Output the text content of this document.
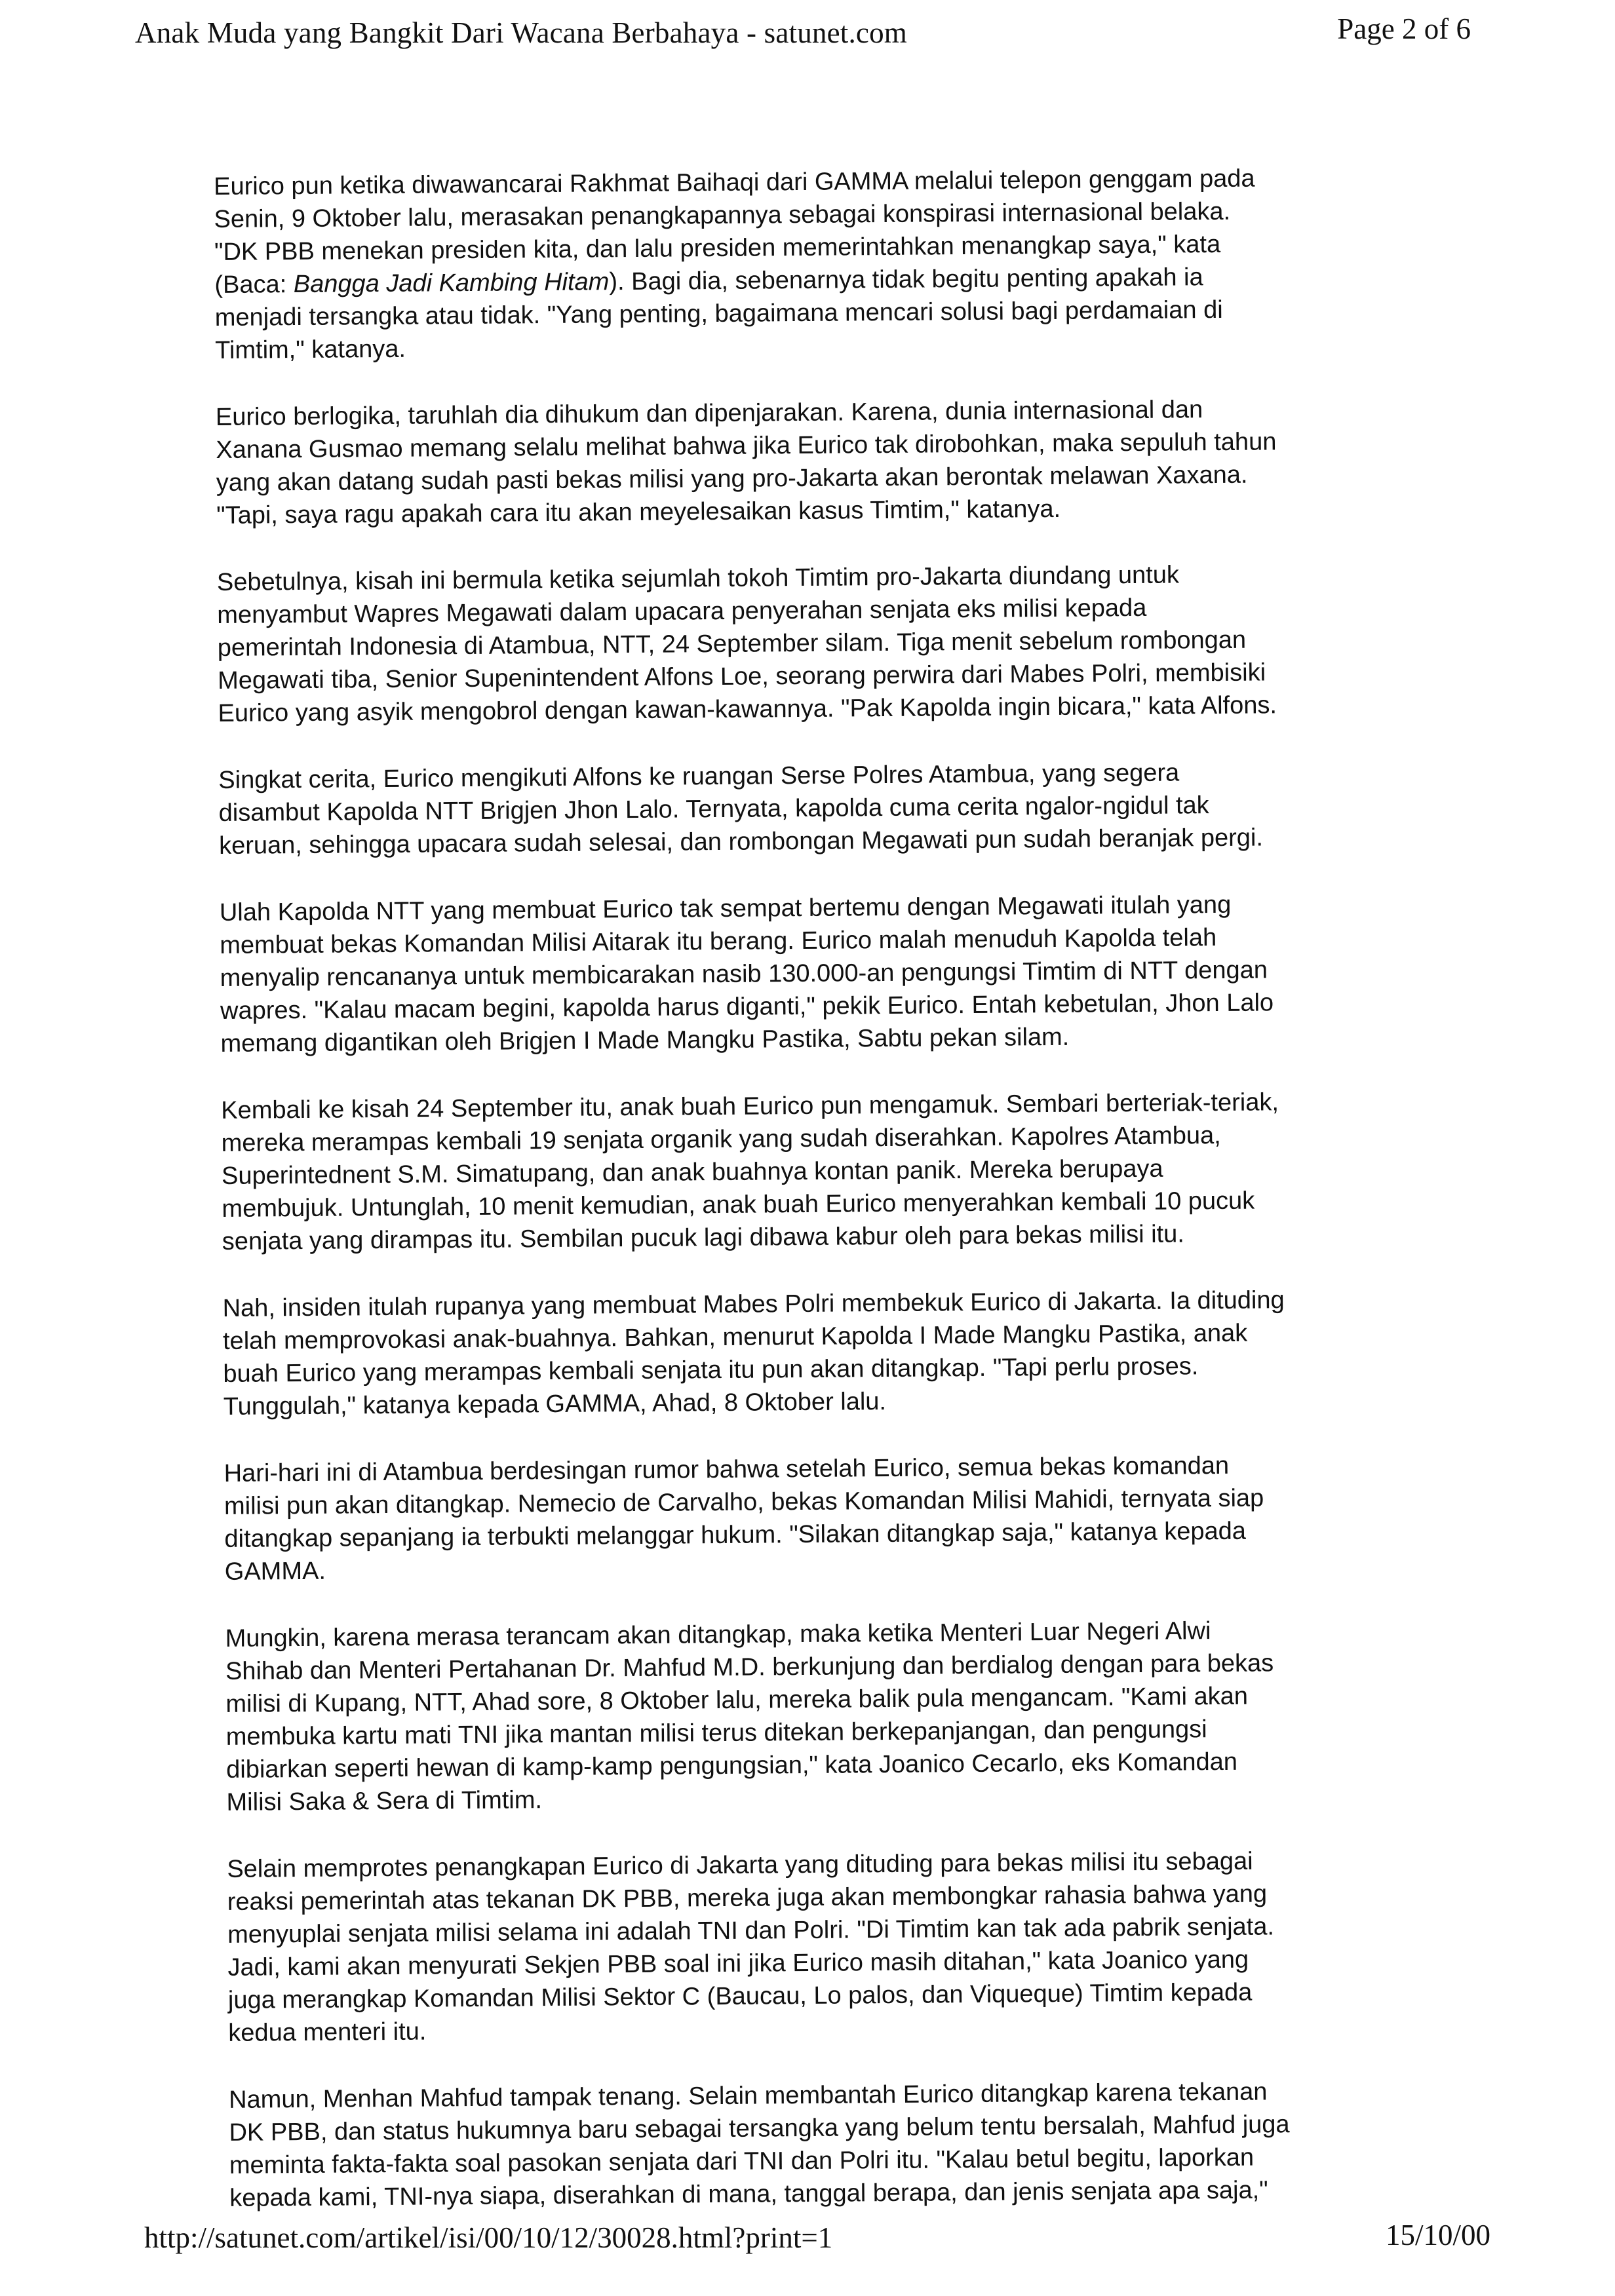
Anak Muda yang Bangkit Dari Wacana Berbahaya - satunet.com	Page 2 of 6

Eurico pun ketika diwawancarai Rakhmat Baihaqi dari GAMMA melalui telepon genggam pada
Senin, 9 Oktober lalu, merasakan penangkapannya sebagai konspirasi internasional belaka.
"DK PBB menekan presiden kita, dan lalu presiden memerintahkan menangkap saya," kata
(Baca: Bangga Jadi Kambing Hitam). Bagi dia, sebenarnya tidak begitu penting apakah ia
menjadi tersangka atau tidak. "Yang penting, bagaimana mencari solusi bagi perdamaian di
Timtim," katanya.

Eurico berlogika, taruhlah dia dihukum dan dipenjarakan. Karena, dunia internasional dan
Xanana Gusmao memang selalu melihat bahwa jika Eurico tak dirobohkan, maka sepuluh tahun
yang akan datang sudah pasti bekas milisi yang pro-Jakarta akan berontak melawan Xaxana.
"Tapi, saya ragu apakah cara itu akan meyelesaikan kasus Timtim," katanya.

Sebetulnya, kisah ini bermula ketika sejumlah tokoh Timtim pro-Jakarta diundang untuk
menyambut Wapres Megawati dalam upacara penyerahan senjata eks milisi kepada
pemerintah Indonesia di Atambua, NTT, 24 September silam. Tiga menit sebelum rombongan
Megawati tiba, Senior Supenintendent Alfons Loe, seorang perwira dari Mabes Polri, membisiki
Eurico yang asyik mengobrol dengan kawan-kawannya. "Pak Kapolda ingin bicara," kata Alfons.

Singkat cerita, Eurico mengikuti Alfons ke ruangan Serse Polres Atambua, yang segera
disambut Kapolda NTT Brigjen Jhon Lalo. Ternyata, kapolda cuma cerita ngalor-ngidul tak
keruan, sehingga upacara sudah selesai, dan rombongan Megawati pun sudah beranjak pergi.

Ulah Kapolda NTT yang membuat Eurico tak sempat bertemu dengan Megawati itulah yang
membuat bekas Komandan Milisi Aitarak itu berang. Eurico malah menuduh Kapolda telah
menyalip rencananya untuk membicarakan nasib 130.000-an pengungsi Timtim di NTT dengan
wapres. "Kalau macam begini, kapolda harus diganti," pekik Eurico. Entah kebetulan, Jhon Lalo
memang digantikan oleh Brigjen I Made Mangku Pastika, Sabtu pekan silam.

Kembali ke kisah 24 September itu, anak buah Eurico pun mengamuk. Sembari berteriak-teriak,
mereka merampas kembali 19 senjata organik yang sudah diserahkan. Kapolres Atambua,
Superintednent S.M. Simatupang, dan anak buahnya kontan panik. Mereka berupaya
membujuk. Untunglah, 10 menit kemudian, anak buah Eurico menyerahkan kembali 10 pucuk
senjata yang dirampas itu. Sembilan pucuk lagi dibawa kabur oleh para bekas milisi itu.

Nah, insiden itulah rupanya yang membuat Mabes Polri membekuk Eurico di Jakarta. Ia dituding
telah memprovokasi anak-buahnya. Bahkan, menurut Kapolda I Made Mangku Pastika, anak
buah Eurico yang merampas kembali senjata itu pun akan ditangkap. "Tapi perlu proses.
Tunggulah," katanya kepada GAMMA, Ahad, 8 Oktober lalu.

Hari-hari ini di Atambua berdesingan rumor bahwa setelah Eurico, semua bekas komandan
milisi pun akan ditangkap. Nemecio de Carvalho, bekas Komandan Milisi Mahidi, ternyata siap
ditangkap sepanjang ia terbukti melanggar hukum. "Silakan ditangkap saja," katanya kepada
GAMMA.

Mungkin, karena merasa terancam akan ditangkap, maka ketika Menteri Luar Negeri Alwi
Shihab dan Menteri Pertahanan Dr. Mahfud M.D. berkunjung dan berdialog dengan para bekas
milisi di Kupang, NTT, Ahad sore, 8 Oktober lalu, mereka balik pula mengancam. "Kami akan
membuka kartu mati TNI jika mantan milisi terus ditekan berkepanjangan, dan pengungsi
dibiarkan seperti hewan di kamp-kamp pengungsian," kata Joanico Cecarlo, eks Komandan
Milisi Saka & Sera di Timtim.

Selain memprotes penangkapan Eurico di Jakarta yang dituding para bekas milisi itu sebagai
reaksi pemerintah atas tekanan DK PBB, mereka juga akan membongkar rahasia bahwa yang
menyuplai senjata milisi selama ini adalah TNI dan Polri. "Di Timtim kan tak ada pabrik senjata.
Jadi, kami akan menyurati Sekjen PBB soal ini jika Eurico masih ditahan," kata Joanico yang
juga merangkap Komandan Milisi Sektor C (Baucau, Lo palos, dan Viqueque) Timtim kepada
kedua menteri itu.

Namun, Menhan Mahfud tampak tenang. Selain membantah Eurico ditangkap karena tekanan
DK PBB, dan status hukumnya baru sebagai tersangka yang belum tentu bersalah, Mahfud juga
meminta fakta-fakta soal pasokan senjata dari TNI dan Polri itu. "Kalau betul begitu, laporkan
kepada kami, TNI-nya siapa, diserahkan di mana, tanggal berapa, dan jenis senjata apa saja,"

http://satunet.com/artikel/isi/00/10/12/30028.html?print=1	15/10/00
